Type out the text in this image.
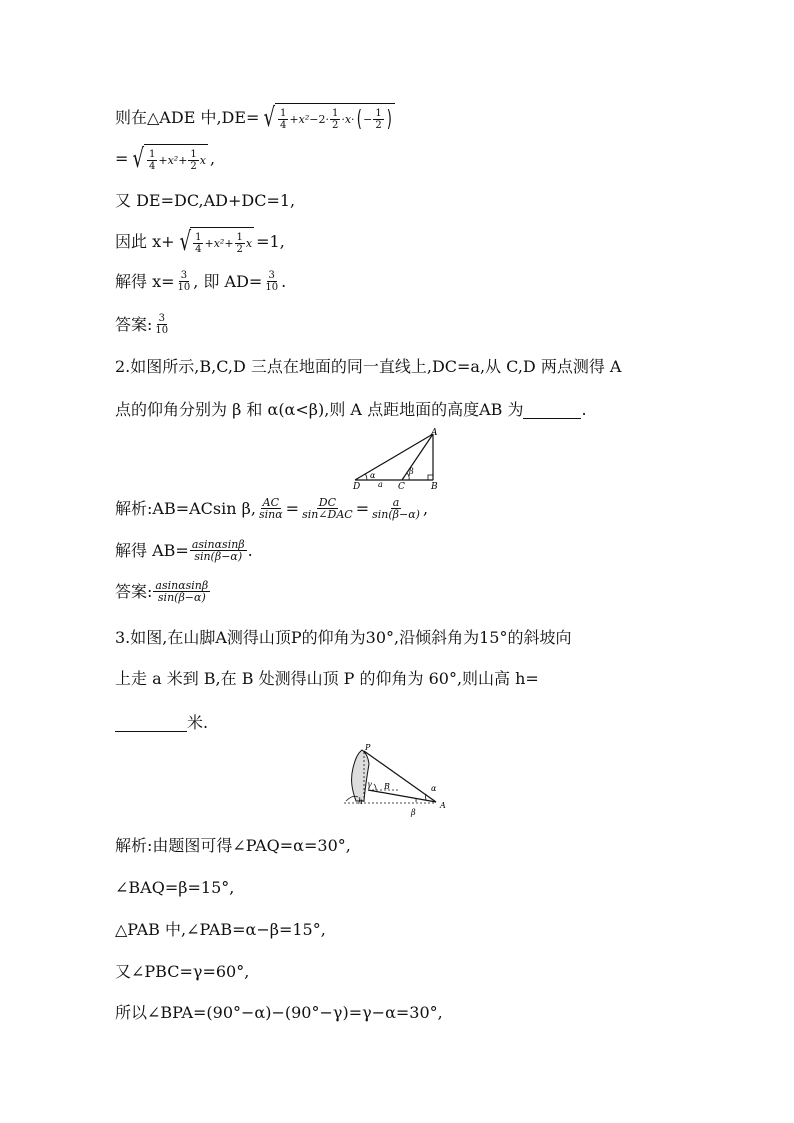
则在△ADE 中,DE= √ $\frac{1}{4} + x^2 -2\cdot \frac{1}{2} \cdot x\cdot$ ( − $\frac{1}{2}$ )
= √ $\frac{1}{4} + x^2 + \frac{1}{2}$ x ,
又 DE=DC,AD+DC=1,
因此 x+ √ $\frac{1}{4} + x^2 + \frac{1}{2}$ x =1,
解得 $x= \frac{3}{10}$ , 即 $AD= \frac{3}{10}$ .
答案: $\frac{3}{10}$
2.如图所示,B,C,D 三点在地面的同一直线上,DC=a,从 C,D 两点测得 A
点的仰角分别为 β 和 α(α<β),则 A 点距地面的高度AB 为	.
A
B
C
D
α	β
a
解析:AB=ACsin β, $\frac{AC}{\sin\alpha} = \frac{DC}{\text{sin∠DAC}} = \frac{a}{\sin(\beta-\alpha)}$ ,
解得 $AB= \frac{asin\alpha\sin\beta}{\sin(\beta-\alpha)}$ .
答案: $\frac{asin\alpha\sin\beta}{\sin(\beta-\alpha)}$
3.如图,在山脚A测得山顶P的仰角为30°,沿倾斜角为15°的斜坡向
上走 a 米到 B,在 B 处测得山顶 P 的仰角为 60°,则山高 h=
米.
P
B
A
α
β
γ
h
解析:由题图可得∠PAQ=α=30°,
∠BAQ=β=15°,
△PAB 中,∠PAB=α−β=15°,
又∠PBC=γ=60°,
所以∠BPA=(90°−α)−(90°−γ)=γ−α=30°,
